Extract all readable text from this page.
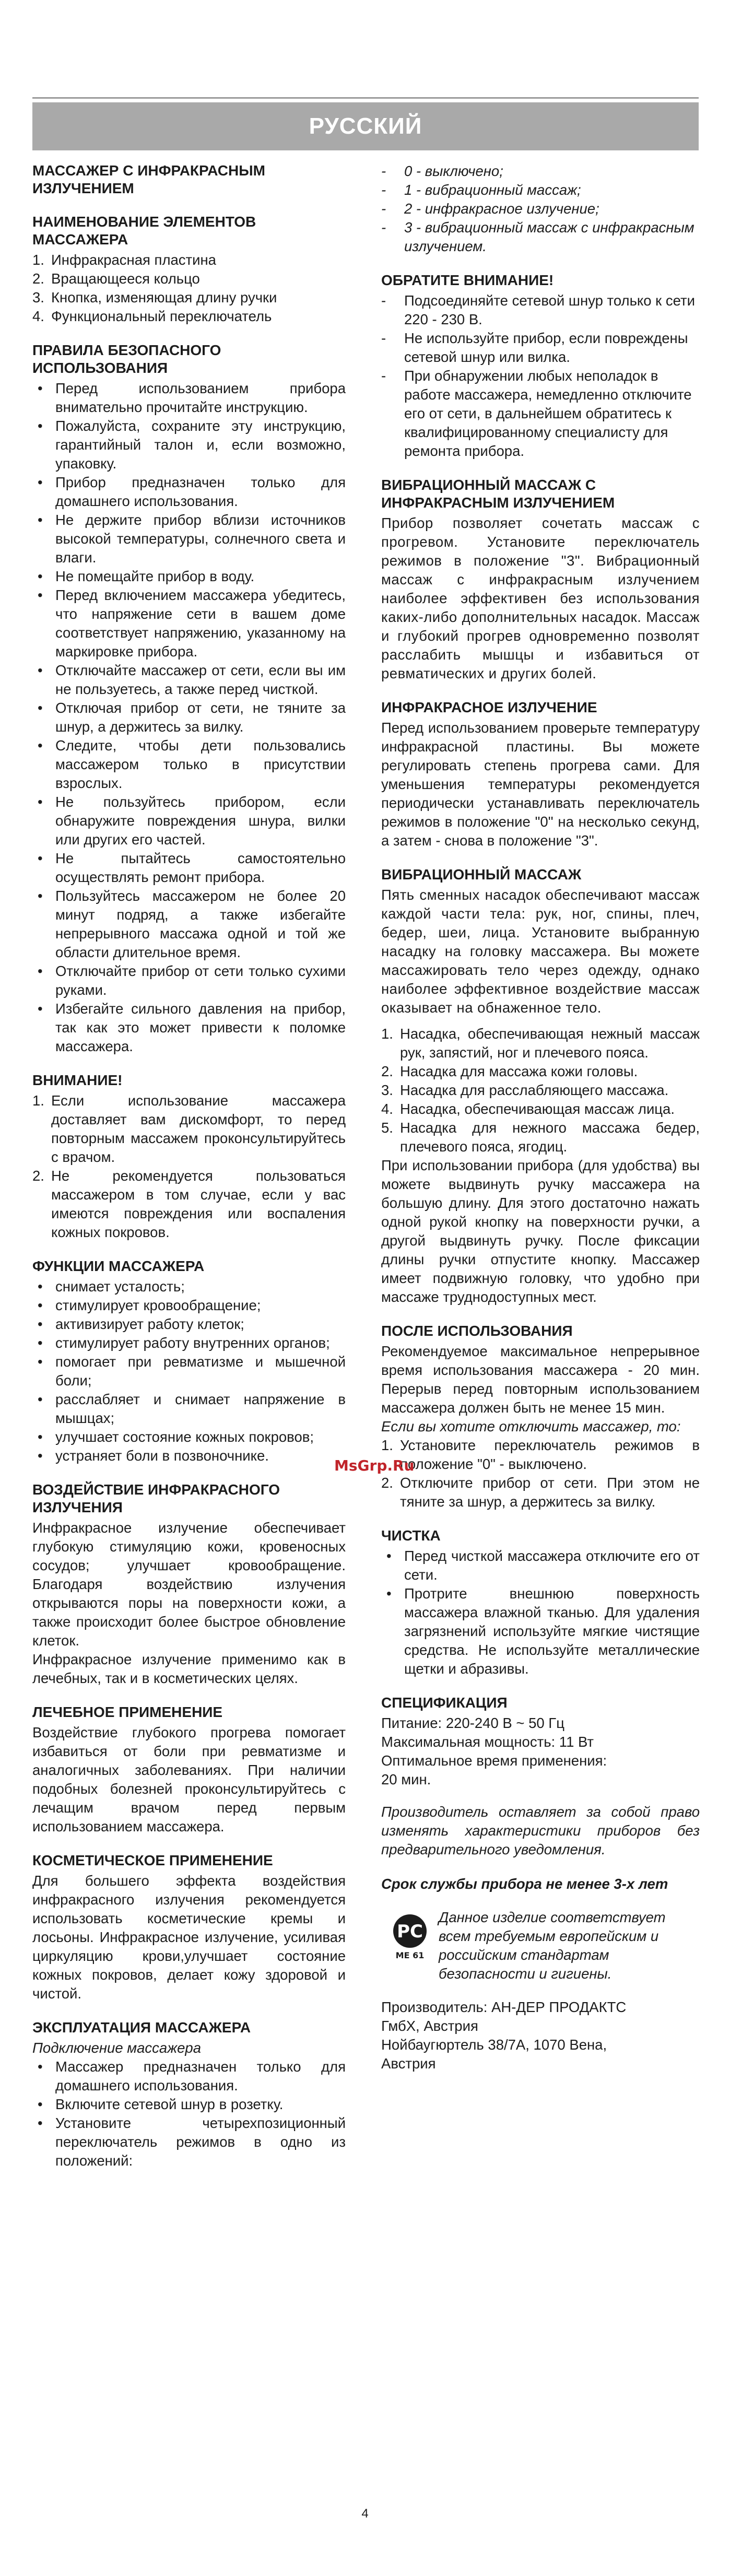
РУССКИЙ
МАССАЖЕР С ИНФРАКРАСНЫМ ИЗЛУЧЕНИЕМ
НАИМЕНОВАНИЕ ЭЛЕМЕНТОВ МАССАЖЕРА
1. Инфракрасная пластина
2. Вращающееся кольцо
3. Кнопка, изменяющая длину ручки
4. Функциональный переключатель
ПРАВИЛА БЕЗОПАСНОГО ИСПОЛЬЗОВАНИЯ
• Перед использованием прибора внимательно прочитайте инструкцию.
• Пожалуйста, сохраните эту инструкцию, гарантийный талон и, если возможно, упаковку.
• Прибор предназначен только для домашнего использования.
• Не держите прибор вблизи источников высокой температуры, солнечного света и влаги.
• Не помещайте прибор в воду.
• Перед включением массажера убедитесь, что напряжение сети в вашем доме соответствует напряжению, указанному на маркировке прибора.
• Отключайте массажер от сети, если вы им не пользуетесь, а также перед чисткой.
• Отключая прибор от сети, не тяните за шнур, а держитесь за вилку.
• Следите, чтобы дети пользовались массажером только в присутствии взрослых.
• Не пользуйтесь прибором, если обнаружите повреждения шнура, вилки или других его частей.
• Не пытайтесь самостоятельно осуществлять ремонт прибора.
• Пользуйтесь массажером не более 20 минут подряд, а также избегайте непрерывного массажа одной и той же области длительное время.
• Отключайте прибор от сети только сухими руками.
• Избегайте сильного давления на прибор, так как это может привести к поломке массажера.
ВНИМАНИЕ!
1. Если использование массажера доставляет вам дискомфорт, то перед повторным массажем проконсультируйтесь с врачом.
2. Не рекомендуется пользоваться массажером в том случае, если у вас имеются повреждения или воспаления кожных покровов.
ФУНКЦИИ МАССАЖЕРА
• снимает усталость;
• стимулирует кровообращение;
• активизирует работу клеток;
• стимулирует работу внутренних органов;
• помогает при ревматизме и мышечной боли;
• расслабляет и снимает напряжение в мышцах;
• улучшает состояние кожных покровов;
• устраняет боли в позвоночнике.
ВОЗДЕЙСТВИЕ ИНФРАКРАСНОГО ИЗЛУЧЕНИЯ

Инфракрасное излучение обеспечивает глубокую стимуляцию кожи, кровеносных сосудов; улучшает кровообращение. Благодаря воздействию излучения открываются поры на поверхности кожи, а также происходит более быстрое обновление клеток.

Инфракрасное излучение применимо как в лечебных, так и в косметических целях.

ЛЕЧЕБНОЕ ПРИМЕНЕНИЕ

Воздействие глубокого прогрева помогает избавиться от боли при ревматизме и аналогичных заболеваниях. При наличии подобных болезней проконсультируйтесь с лечащим врачом перед первым использованием массажера.

КОСМЕТИЧЕСКОЕ ПРИМЕНЕНИЕ

Для большего эффекта воздействия инфракрасного излучения рекомендуется использовать косметические кремы и лосьоны. Инфракрасное излучение, усиливая циркуляцию крови,улучшает состояние кожных покровов, делает кожу здоровой и чистой.

ЭКСПЛУАТАЦИЯ МАССАЖЕРА
Подключение массажера
• Массажер предназначен только для домашнего использования.
• Включите сетевой шнур в розетку.
• Установите четырехпозиционный переключатель режимов в одно из положений:
-	0 - выключено;
-	1 - вибрационный массаж;
-	2 - инфракрасное излучение;
-	3 - вибрационный массаж с инфракрасным излучением.
ОБРАТИТЕ ВНИМАНИЕ!
-	Подсоединяйте сетевой шнур только к сети 220 - 230 В.
-	Не используйте прибор, если повреждены сетевой шнур или вилка.
-	При обнаружении любых неполадок в работе массажера, немедленно отключите его от сети, в дальнейшем обратитесь к квалифицированному специалисту для ремонта прибора.
ВИБРАЦИОННЫЙ МАССАЖ С ИНФРАКРАСНЫМ ИЗЛУЧЕНИЕМ

Прибор позволяет сочетать массаж с прогревом. Установите переключатель режимов в положение "3". Вибрационный массаж с инфракрасным излучением наиболее эффективен без использования каких-либо дополнительных насадок. Массаж и глубокий прогрев одновременно позволят расслабить мышцы и избавиться от ревматических и других болей.

ИНФРАКРАСНОЕ ИЗЛУЧЕНИЕ

Перед использованием проверьте температуру инфракрасной пластины. Вы можете регулировать степень прогрева сами. Для уменьшения температуры рекомендуется периодически устанавливать переключатель режимов в положение "0" на несколько секунд, а затем - снова в положение "3".

ВИБРАЦИОННЫЙ МАССАЖ

Пять сменных насадок обеспечивают массаж каждой части тела: рук, ног, спины, плеч, бедер, шеи, лица. Установите выбранную насадку на головку массажера. Вы можете массажировать тело через одежду, однако наиболее эффективное воздействие массаж оказывает на обнаженное тело.

1. Насадка, обеспечивающая нежный массаж рук, запястий, ног и плечевого пояса.
2. Насадка для массажа кожи головы.
3. Насадка для расслабляющего массажа.
4. Насадка, обеспечивающая массаж лица.
5. Насадка для нежного массажа бедер, плечевого пояса, ягодиц.

При использовании прибора (для удобства) вы можете выдвинуть ручку массажера на большую длину. Для этого достаточно нажать одной рукой кнопку на поверхности ручки, а другой выдвинуть ручку. После фиксации длины ручки отпустите кнопку. Массажер имеет подвижную головку, что удобно при массаже труднодоступных мест.

ПОСЛЕ ИСПОЛЬЗОВАНИЯ

Рекомендуемое максимальное непрерывное время использования массажера - 20 мин. Перерыв перед повторным использованием массажера должен быть не менее 15 мин.

Если вы хотите отключить массажер, то:
1. Установите переключатель режимов в положение "0" - выключено.
2. Отключите прибор от сети. При этом не тяните за шнур, а держитесь за вилку.
ЧИСТКА
• Перед чисткой массажера отключите его от сети.
• Протрите внешнюю поверхность массажера влажной тканью. Для удаления загрязнений используйте мягкие чистящие средства. Не используйте металлические щетки и абразивы.
СПЕЦИФИКАЦИЯ
Питание: 220-240 В ~ 50 Гц
Максимальная мощность: 11 Вт
Оптимальное время применения:
20 мин.

Производитель оставляет за собой право изменять характеристики приборов без предварительного уведомления.

Срок службы прибора не менее 3-х лет
PC
ME 61
Данное изделие соответствует всем требуемым европейским и российским стандартам безопасности и гигиены.
Производитель: АН-ДЕР ПРОДАКТС
ГмбХ, Австрия
Нойбаугюртель 38/7А, 1070 Вена,
Австрия
MsGrp.Ru
4
